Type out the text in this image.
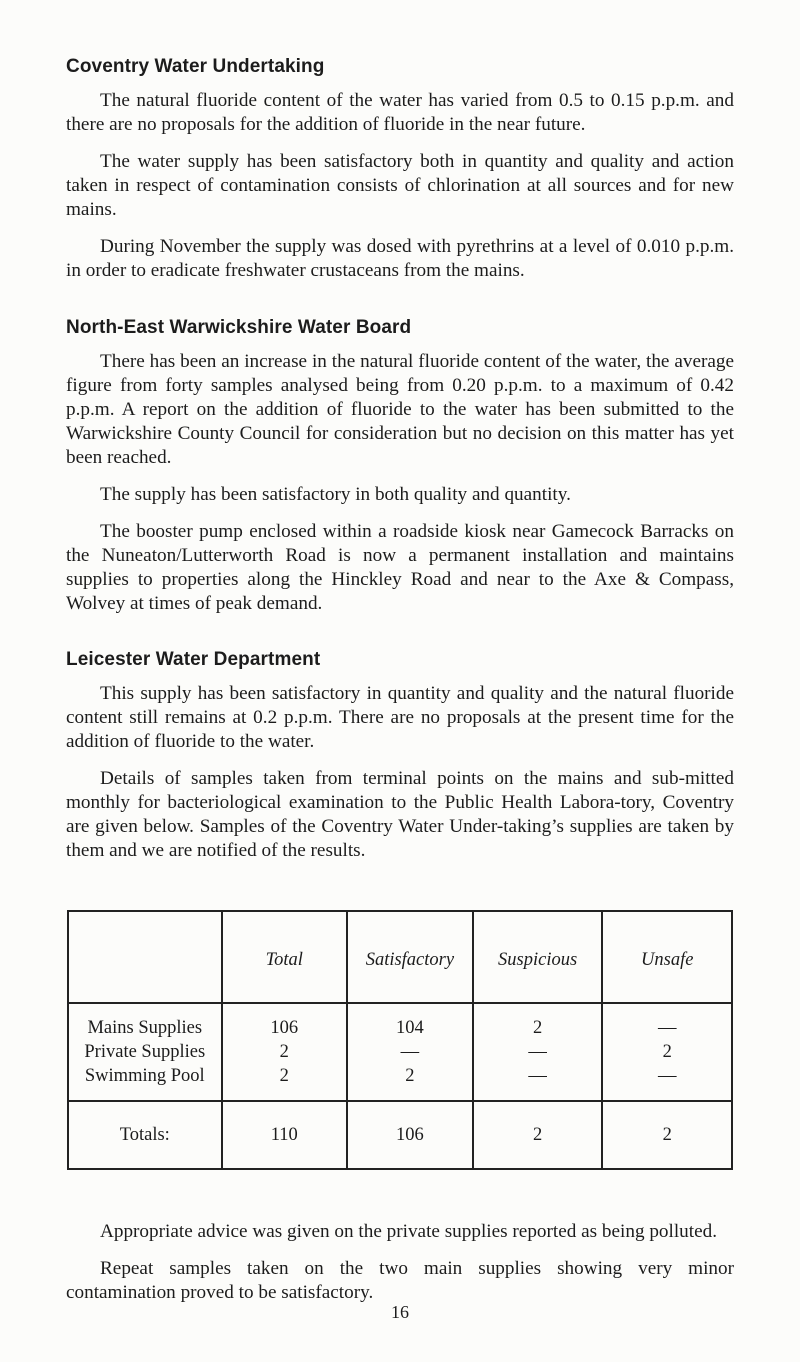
Coventry Water Undertaking

The natural fluoride content of the water has varied from 0.5 to 0.15 p.p.m. and there are no proposals for the addition of fluoride in the near future.

The water supply has been satisfactory both in quantity and quality and action taken in respect of contamination consists of chlorination at all sources and for new mains.

During November the supply was dosed with pyrethrins at a level of 0.010 p.p.m. in order to eradicate freshwater crustaceans from the mains.

North-East Warwickshire Water Board

There has been an increase in the natural fluoride content of the water, the average figure from forty samples analysed being from 0.20 p.p.m. to a maximum of 0.42 p.p.m. A report on the addition of fluoride to the water has been submitted to the Warwickshire County Council for consideration but no decision on this matter has yet been reached.

The supply has been satisfactory in both quality and quantity.

The booster pump enclosed within a roadside kiosk near Gamecock Barracks on the Nuneaton/Lutterworth Road is now a permanent installation and maintains supplies to properties along the Hinckley Road and near to the Axe & Compass, Wolvey at times of peak demand.

Leicester Water Department

This supply has been satisfactory in quantity and quality and the natural fluoride content still remains at 0.2 p.p.m. There are no proposals at the present time for the addition of fluoride to the water.

Details of samples taken from terminal points on the mains and sub-mitted monthly for bacteriological examination to the Public Health Labora-tory, Coventry are given below. Samples of the Coventry Water Under-taking’s supplies are taken by them and we are notified of the results.

	Total	Satisfactory	Suspicious	Unsafe
Mains Supplies	106	104	2	—
Private Supplies	2	—	—	2
Swimming Pool	2	2	—	—
Totals:	110	106	2	2

Appropriate advice was given on the private supplies reported as being polluted.

Repeat samples taken on the two main supplies showing very minor contamination proved to be satisfactory.

16
